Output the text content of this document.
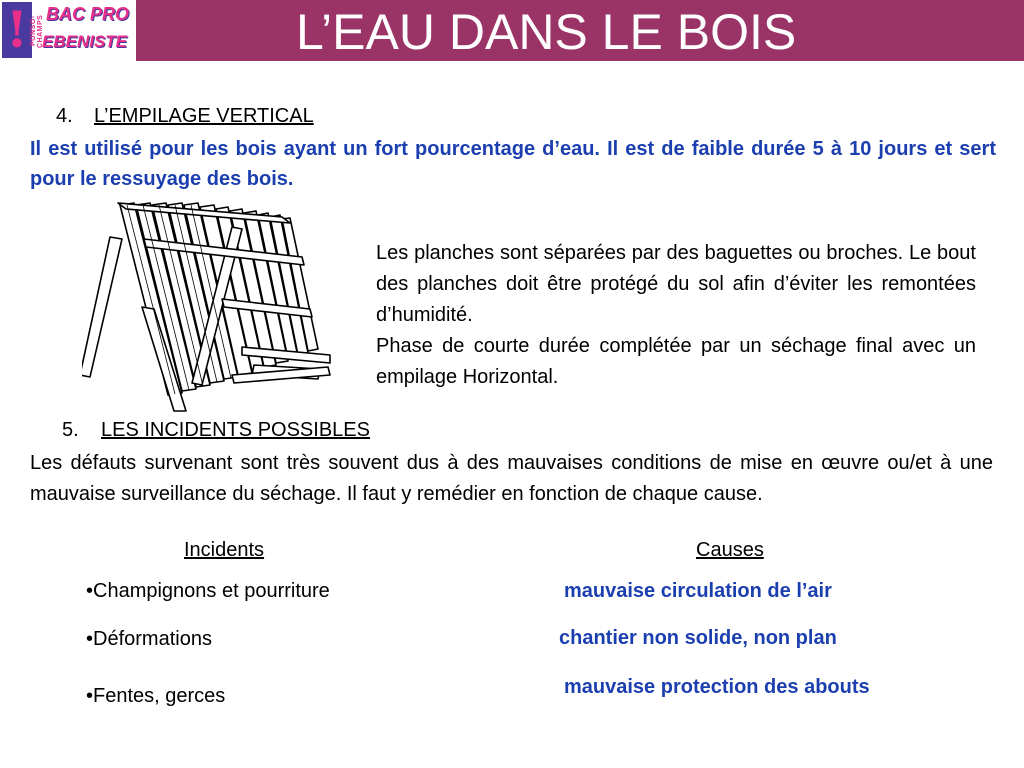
! PONSO-CHAMPS
BAC PRO
EBENISTE	L’EAU DANS LE BOIS
4. L’EMPILAGE VERTICAL
Il est utilisé pour les bois ayant un fort pourcentage d’eau. Il est de faible durée 5 à 10 jours et sert pour le ressuyage des bois.

Les planches sont séparées par des baguettes ou broches. Le bout des planches doit être protégé du sol afin d’éviter les remontées d’humidité.

Phase de courte durée complétée par un séchage final avec un empilage Horizontal.

5. LES INCIDENTS POSSIBLES
Les défauts survenant sont très souvent dus à des mauvaises conditions de mise en œuvre ou/et à une mauvaise surveillance du séchage. Il faut y remédier en fonction de chaque cause.
Incidents	Causes
•Champignons et pourriture	mauvaise circulation de l’air
•Déformations	chantier non solide, non plan
•Fentes, gerces	mauvaise protection des abouts
